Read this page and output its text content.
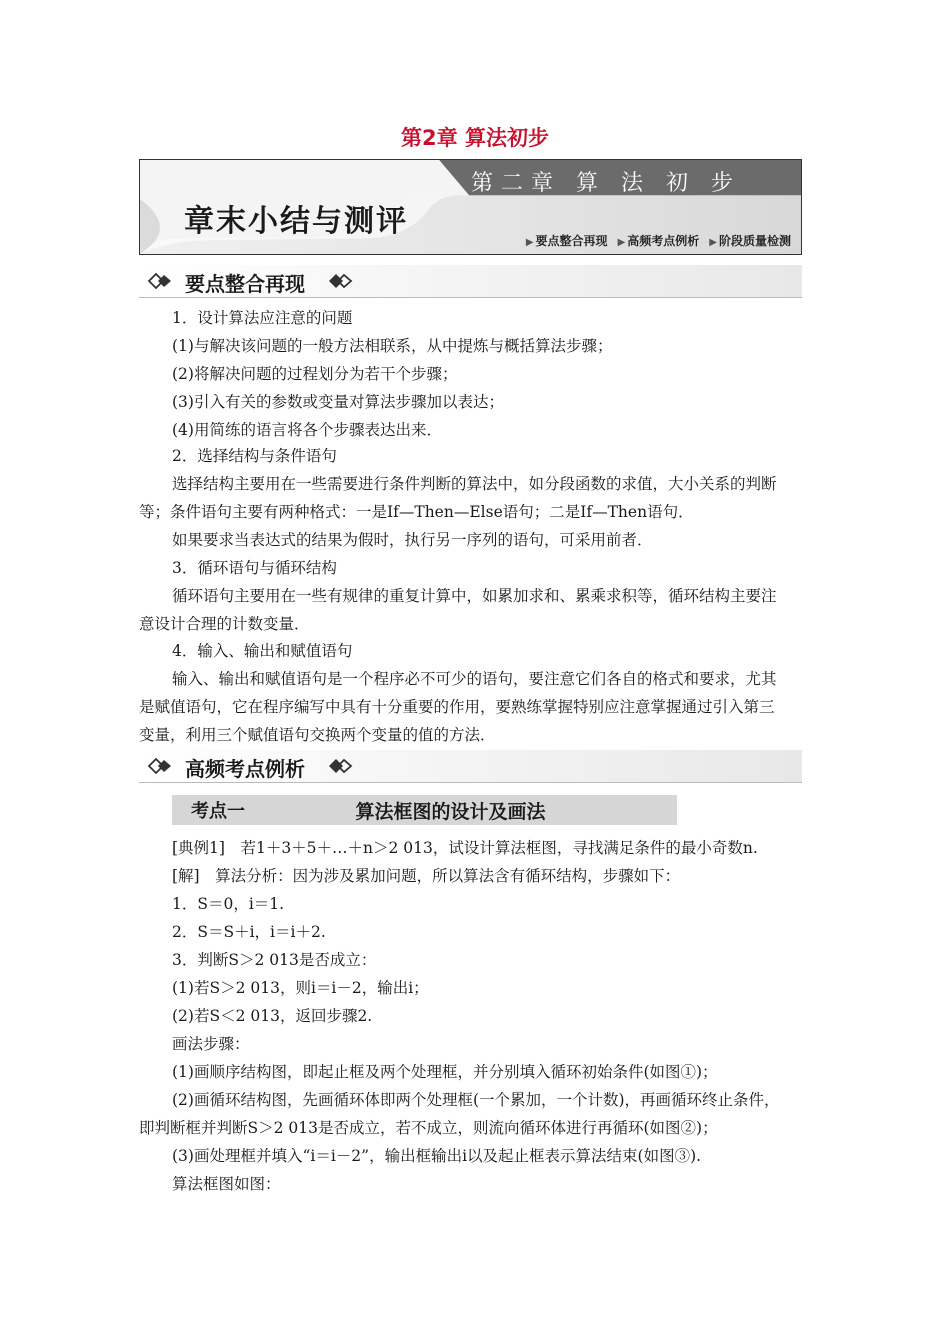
第2章 算法初步
第二章 算 法 初 步
章末小结与测评
▶ 要点整合再现 ▶ 高频考点例析 ▶ 阶段质量检测
要点整合再现
1．设计算法应注意的问题
(1)与解决该问题的一般方法相联系，从中提炼与概括算法步骤；
(2)将解决问题的过程划分为若干个步骤；
(3)引入有关的参数或变量对算法步骤加以表达；
(4)用简练的语言将各个步骤表达出来．
2．选择结构与条件语句
选择结构主要用在一些需要进行条件判断的算法中，如分段函数的求值，大小关系的判断
等；条件语句主要有两种格式：一是If—Then—Else语句；二是If—Then语句．
如果要求当表达式的结果为假时，执行另一序列的语句，可采用前者．
3．循环语句与循环结构
循环语句主要用在一些有规律的重复计算中，如累加求和、累乘求积等，循环结构主要注
意设计合理的计数变量．
4．输入、输出和赋值语句
输入、输出和赋值语句是一个程序必不可少的语句，要注意它们各自的格式和要求，尤其
是赋值语句，它在程序编写中具有十分重要的作用，要熟练掌握特别应注意掌握通过引入第三
变量，利用三个赋值语句交换两个变量的值的方法．
高频考点例析
考点一	算法框图的设计及画法
[典例1]　若1＋3＋5＋…＋n＞2 013，试设计算法框图，寻找满足条件的最小奇数n.
[解]　算法分析：因为涉及累加问题，所以算法含有循环结构，步骤如下：
1．S＝0，i＝1.
2．S＝S＋i，i＝i＋2.
3．判断S＞2 013是否成立：
(1)若S＞2 013，则i＝i－2，输出i；
(2)若S＜2 013，返回步骤2.
画法步骤：
(1)画顺序结构图，即起止框及两个处理框，并分别填入循环初始条件(如图①)；
(2)画循环结构图，先画循环体即两个处理框(一个累加，一个计数)，再画循环终止条件，
即判断框并判断S＞2 013是否成立，若不成立，则流向循环体进行再循环(如图②)；
(3)画处理框并填入“i＝i－2”，输出框输出i以及起止框表示算法结束(如图③).
算法框图如图：
